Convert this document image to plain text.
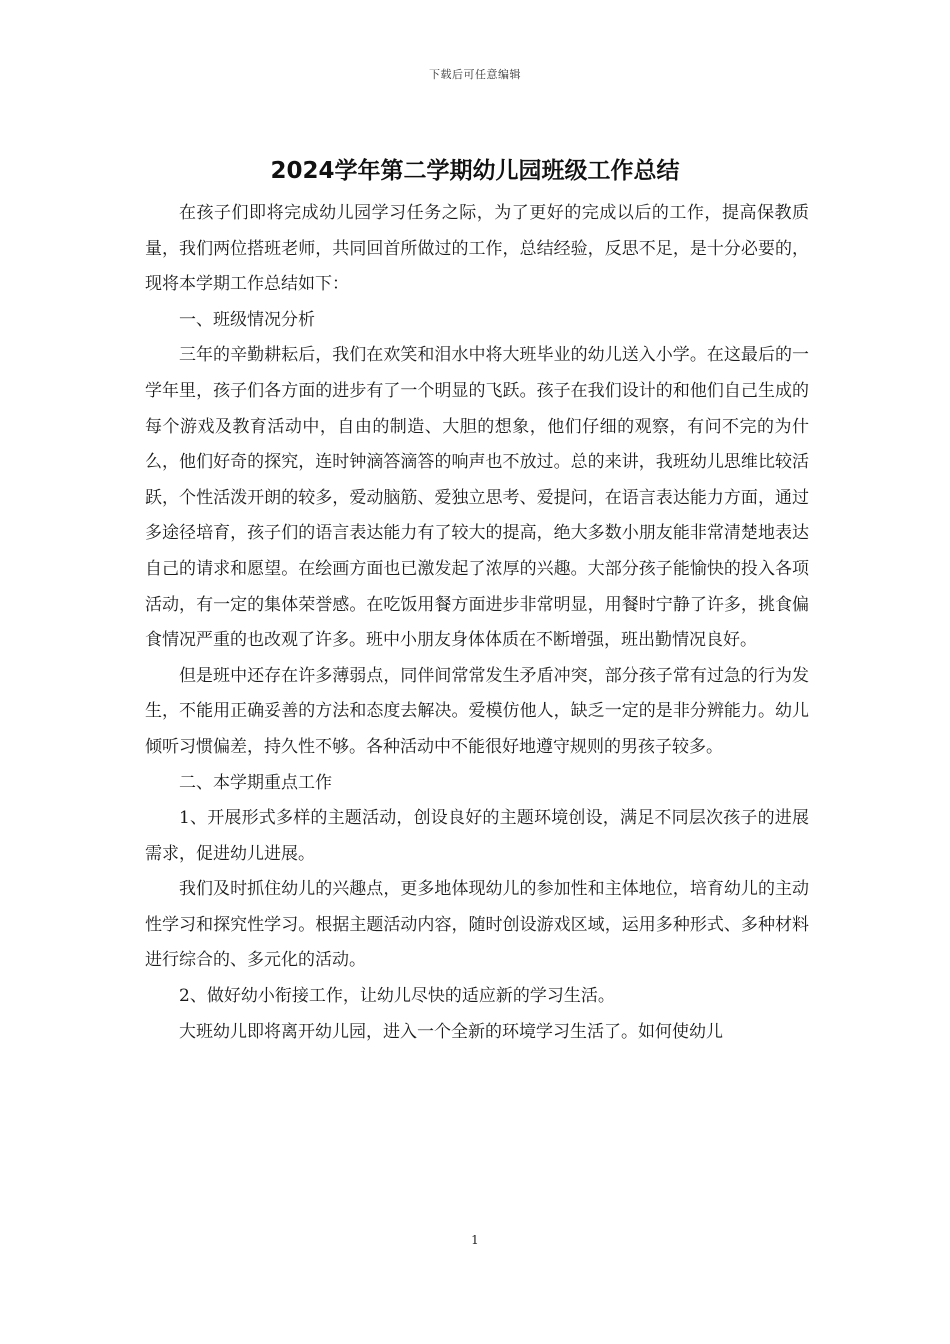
下载后可任意编辑
2024学年第二学期幼儿园班级工作总结

在孩子们即将完成幼儿园学习任务之际，为了更好的完成以后的工作，提高保教质量，我们两位搭班老师，共同回首所做过的工作，总结经验，反思不足，是十分必要的，现将本学期工作总结如下：

一、班级情况分析

三年的辛勤耕耘后，我们在欢笑和泪水中将大班毕业的幼儿送入小学。在这最后的一学年里，孩子们各方面的进步有了一个明显的飞跃。孩子在我们设计的和他们自己生成的每个游戏及教育活动中，自由的制造、大胆的想象，他们仔细的观察，有问不完的为什么，他们好奇的探究，连时钟滴答滴答的响声也不放过。总的来讲，我班幼儿思维比较活跃，个性活泼开朗的较多，爱动脑筋、爱独立思考、爱提问，在语言表达能力方面，通过多途径培育，孩子们的语言表达能力有了较大的提高，绝大多数小朋友能非常清楚地表达自己的请求和愿望。在绘画方面也已激发起了浓厚的兴趣。大部分孩子能愉快的投入各项活动，有一定的集体荣誉感。在吃饭用餐方面进步非常明显，用餐时宁静了许多，挑食偏食情况严重的也改观了许多。班中小朋友身体体质在不断增强，班出勤情况良好。

但是班中还存在许多薄弱点，同伴间常常发生矛盾冲突，部分孩子常有过急的行为发生，不能用正确妥善的方法和态度去解决。爱模仿他人，缺乏一定的是非分辨能力。幼儿倾听习惯偏差，持久性不够。各种活动中不能很好地遵守规则的男孩子较多。

二、本学期重点工作

1、开展形式多样的主题活动，创设良好的主题环境创设，满足不同层次孩子的进展需求，促进幼儿进展。

我们及时抓住幼儿的兴趣点，更多地体现幼儿的参加性和主体地位，培育幼儿的主动性学习和探究性学习。根据主题活动内容，随时创设游戏区域，运用多种形式、多种材料进行综合的、多元化的活动。

2、做好幼小衔接工作，让幼儿尽快的适应新的学习生活。

大班幼儿即将离开幼儿园，进入一个全新的环境学习生活了。如何使幼儿

1
